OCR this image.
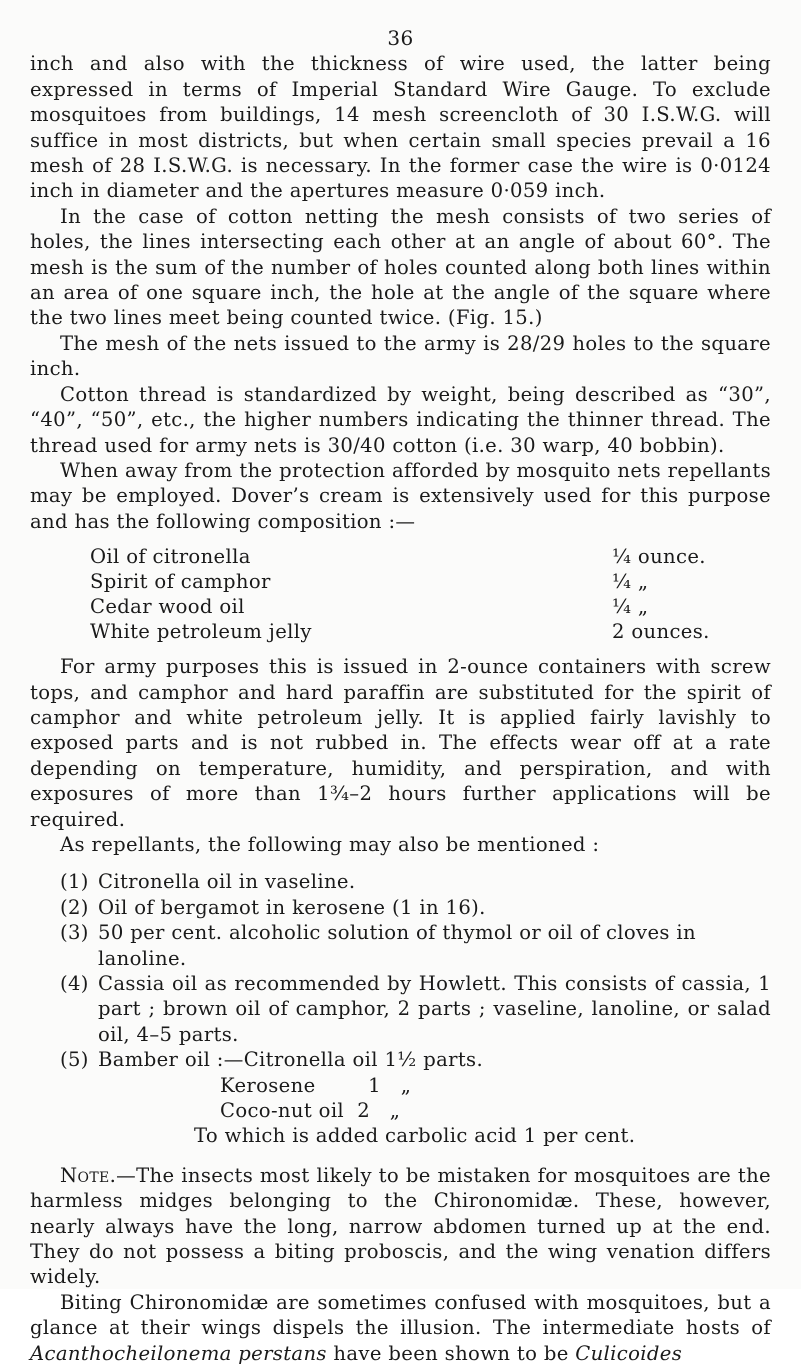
36

inch and also with the thickness of wire used, the latter being expressed in terms of Imperial Standard Wire Gauge. To exclude mosquitoes from buildings, 14 mesh screencloth of 30 I.S.W.G. will suffice in most districts, but when certain small species prevail a 16 mesh of 28 I.S.W.G. is necessary. In the former case the wire is 0·0124 inch in diameter and the apertures measure 0·059 inch.

In the case of cotton netting the mesh consists of two series of holes, the lines intersecting each other at an angle of about 60°. The mesh is the sum of the number of holes counted along both lines within an area of one square inch, the hole at the angle of the square where the two lines meet being counted twice. (Fig. 15.)

The mesh of the nets issued to the army is 28/29 holes to the square inch.

Cotton thread is standardized by weight, being described as “30”, “40”, “50”, etc., the higher numbers indicating the thinner thread. The thread used for army nets is 30/40 cotton (i.e. 30 warp, 40 bobbin).

When away from the protection afforded by mosquito nets repellants may be employed. Dover’s cream is extensively used for this purpose and has the following composition :—

Oil of citronella	¼ ounce.
Spirit of camphor	¼ „
Cedar wood oil	¼ „
White petroleum jelly	2 ounces.

For army purposes this is issued in 2-ounce containers with screw tops, and camphor and hard paraffin are substituted for the spirit of camphor and white petroleum jelly. It is applied fairly lavishly to exposed parts and is not rubbed in. The effects wear off at a rate depending on temperature, humidity, and perspiration, and with exposures of more than 1¾–2 hours further applications will be required.

As repellants, the following may also be mentioned :

(1) Citronella oil in vaseline.
(2) Oil of bergamot in kerosene (1 in 16).
(3) 50 per cent. alcoholic solution of thymol or oil of cloves in lanoline.
(4) Cassia oil as recommended by Howlett. This consists of cassia, 1 part ; brown oil of camphor, 2 parts ; vaseline, lanoline, or salad oil, 4–5 parts.
(5) Bamber oil :—Citronella oil 1½ parts.
Kerosene        1   „
Coco-nut oil  2   „
To which is added carbolic acid 1 per cent.

Note.—The insects most likely to be mistaken for mosquitoes are the harmless midges belonging to the Chironomidæ. These, however, nearly always have the long, narrow abdomen turned up at the end. They do not possess a biting proboscis, and the wing venation differs widely.

Biting Chironomidæ are sometimes confused with mosquitoes, but a glance at their wings dispels the illusion. The intermediate hosts of Acanthocheilonema perstans have been shown to be Culicoides
